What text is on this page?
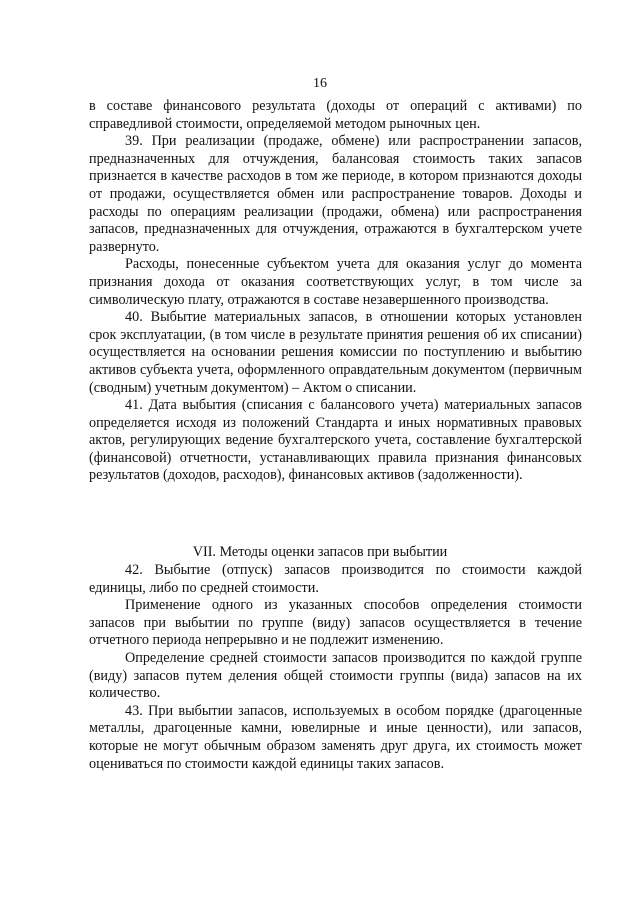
16

в составе финансового результата (доходы от операций с активами) по справедливой стоимости, определяемой методом рыночных цен.

39. При реализации (продаже, обмене) или распространении запасов, предназначенных для отчуждения, балансовая стоимость таких запасов признается в качестве расходов в том же периоде, в котором признаются доходы от продажи, осуществляется обмен или распространение товаров. Доходы и расходы по операциям реализации (продажи, обмена) или распространения запасов, предназначенных для отчуждения, отражаются в бухгалтерском учете развернуто.

Расходы, понесенные субъектом учета для оказания услуг до момента признания дохода от оказания соответствующих услуг, в том числе за символическую плату, отражаются в составе незавершенного производства.

40. Выбытие материальных запасов, в отношении которых установлен срок эксплуатации, (в том числе в результате принятия решения об их списании) осуществляется на основании решения комиссии по поступлению и выбытию активов субъекта учета, оформленного оправдательным документом (первичным (сводным) учетным документом) – Актом о списании.

41. Дата выбытия (списания с балансового учета) материальных запасов определяется исходя из положений Стандарта и иных нормативных правовых актов, регулирующих ведение бухгалтерского учета, составление бухгалтерской (финансовой) отчетности, устанавливающих правила признания финансовых результатов (доходов, расходов), финансовых активов (задолженности).

VII. Методы оценки запасов при выбытии

42. Выбытие (отпуск) запасов производится по стоимости каждой единицы, либо по средней стоимости.

Применение одного из указанных способов определения стоимости запасов при выбытии по группе (виду) запасов осуществляется в течение отчетного периода непрерывно и не подлежит изменению.

Определение средней стоимости запасов производится по каждой группе (виду) запасов путем деления общей стоимости группы (вида) запасов на их количество.

43. При выбытии запасов, используемых в особом порядке (драгоценные металлы, драгоценные камни, ювелирные и иные ценности), или запасов, которые не могут обычным образом заменять друг друга, их стоимость может оцениваться по стоимости каждой единицы таких запасов.
